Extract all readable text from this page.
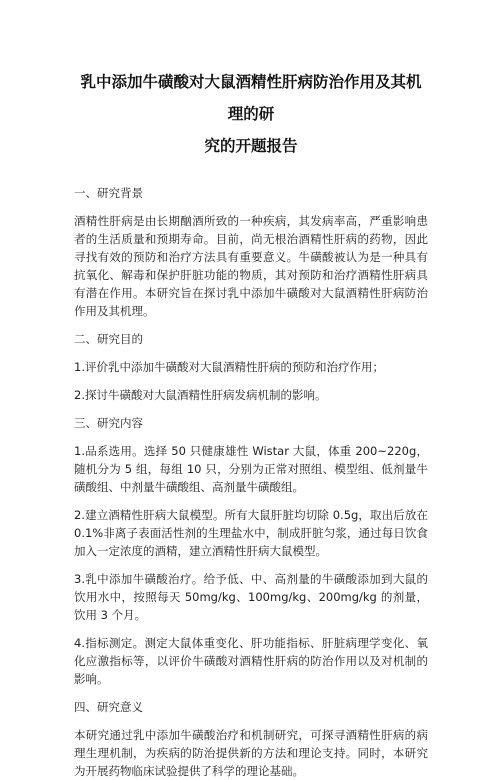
乳中添加牛磺酸对大鼠酒精性肝病防治作用及其机理的研
究的开题报告
一、研究背景

酒精性肝病是由长期酗酒所致的一种疾病，其发病率高，严重影响患者的生活质量和预期寿命。目前，尚无根治酒精性肝病的药物，因此寻找有效的预防和治疗方法具有重要意义。牛磺酸被认为是一种具有抗氧化、解毒和保护肝脏功能的物质，其对预防和治疗酒精性肝病具有潜在作用。本研究旨在探讨乳中添加牛磺酸对大鼠酒精性肝病防治作用及其机理。

二、研究目的

1.评价乳中添加牛磺酸对大鼠酒精性肝病的预防和治疗作用；

2.探讨牛磺酸对大鼠酒精性肝病发病机制的影响。

三、研究内容

1.品系选用。选择 50 只健康雄性 Wistar 大鼠，体重 200~220g，随机分为 5 组，每组 10 只，分别为正常对照组、模型组、低剂量牛磺酸组、中剂量牛磺酸组、高剂量牛磺酸组。

2.建立酒精性肝病大鼠模型。所有大鼠肝脏均切除 0.5g，取出后放在 0.1%非离子表面活性剂的生理盐水中，制成肝脏匀浆，通过每日饮食加入一定浓度的酒精，建立酒精性肝病大鼠模型。

3.乳中添加牛磺酸治疗。给予低、中、高剂量的牛磺酸添加到大鼠的饮用水中，按照每天 50mg/kg、100mg/kg、200mg/kg 的剂量，饮用 3 个月。

4.指标测定。测定大鼠体重变化、肝功能指标、肝脏病理学变化、氧化应激指标等，以评价牛磺酸对酒精性肝病的防治作用以及对机制的影响。

四、研究意义

本研究通过乳中添加牛磺酸治疗和机制研究，可探寻酒精性肝病的病理生理机制，为疾病的防治提供新的方法和理论支持。同时，本研究为开展药物临床试验提供了科学的理论基础。
